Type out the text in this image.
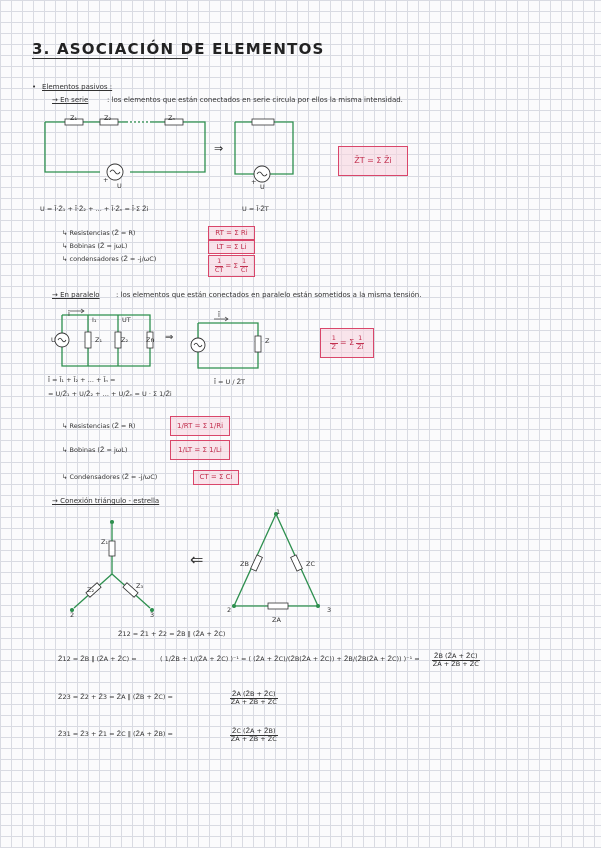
3. ASOCIACIÓN DE ELEMENTOS
• Elementos pasivos :
→ En serie	: los elementos que están conectados en serie circula por ellos la misma intensidad.
Z₁	Z₂	Zₙ
+
U
⇒
+
U
Z̄T = Σ Z̄i
U = Ī·Z̄₁ + Ī·Z̄₂ + ... + Ī·Z̄ₙ = Ī·Σ Z̄i	U = Ī·Z̄T
↳ Resistencias (Z̄ = R)
↳ Bobinas (Z̄ = jωL)
↳ condensadores (Z̄ = -j/ωC)
RT = Σ Ri
LT = Σ Li
$\frac{1}{CT} = \Sigma \frac{1}{Ci}$
→ En paralelo : los elementos que están conectados en paralelo están sometidos a la misma tensión.
Ī
I₁	UT
Z₁	Z₂	Zn
U	⇒
Ī
Z	$\frac{1}{Z̄} = \Sigma \frac{1}{Z̄i}$
Ī = Ī₁ + Ī₂ + ... + Īₙ =
= U/Z̄₁ + U/Z̄₂ + ... + U/Z̄ₙ = U · Σ 1/Z̄i
Ī = U / Z̄T
↳ Resistencias (Z̄ = R)
↳ Bobinas (Z̄ = jωL)
↳ Condensadores (Z̄ = -j/ωC)
1/RT = Σ 1/Ri
1/LT = Σ 1/Li
CT = Σ Ci
→ Conexión triángulo - estrella
Z₁
Z₂	Z₃
2	3
⇐
1
2	3
ZB	ZC
ZA
Z̄12 = Z̄1 + Z̄2 = Z̄B ‖ (Z̄A + Z̄C)
Z̄12 = Z̄B ‖ (Z̄A + Z̄C) =	( 1/Z̄B + 1/(Z̄A + Z̄C) )⁻¹ = ( (Z̄A + Z̄C)/(Z̄B(Z̄A + Z̄C)) + Z̄B/(Z̄B(Z̄A + Z̄C)) )$^{-1} = \frac{Z̄B (Z̄A + Z̄C)}{Z̄A + Z̄B + Z̄C}$
Z̄23 = Z̄2 + Z̄3 = Z̄A ‖ (Z̄B + Z̄C) =	$\frac{Z̄A (Z̄B + Z̄C)}{Z̄A + Z̄B + Z̄C}$
Z̄31 = Z̄3 + Z̄1 = Z̄C ‖ (Z̄A + Z̄B) =	$\frac{Z̄C (Z̄A + Z̄B)}{Z̄A + Z̄B + Z̄C}$
